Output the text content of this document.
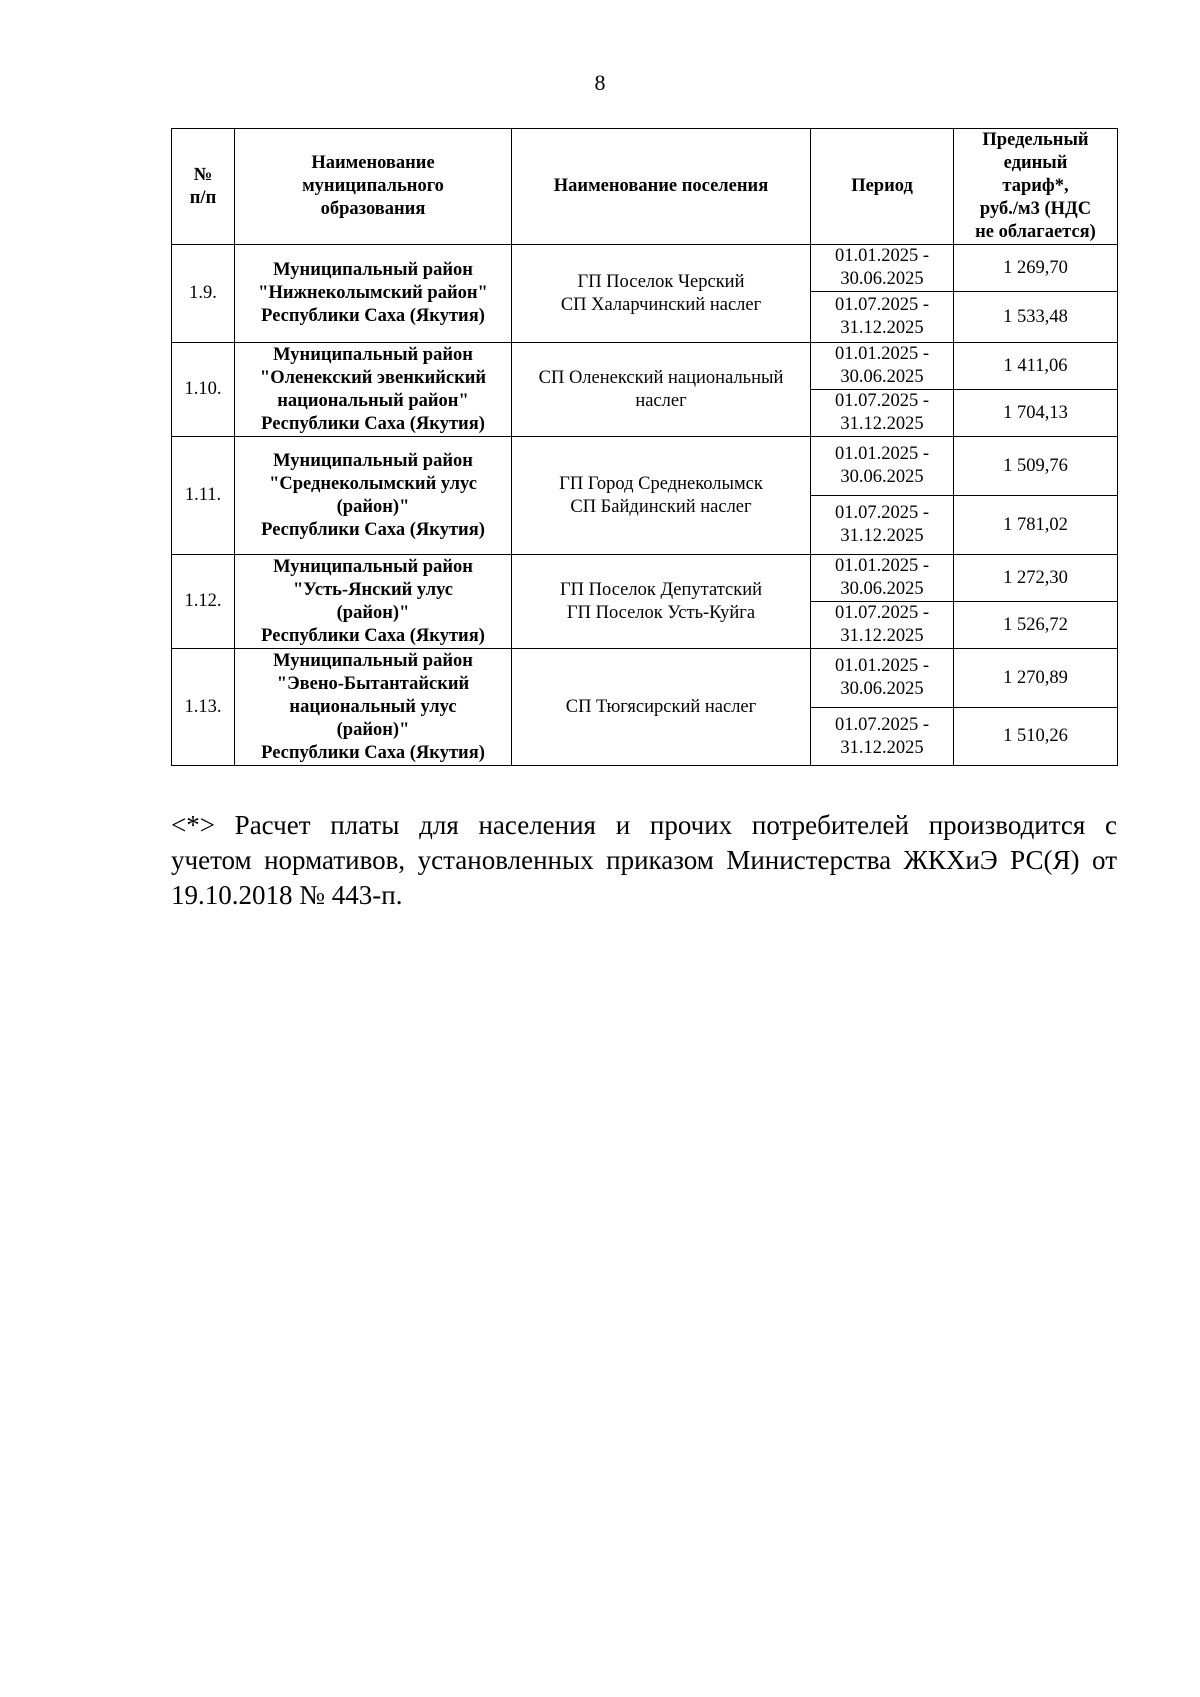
8
№
п/п	Наименование
муниципального
образования	Наименование поселения	Период	Предельный
единый
тариф*,
руб./м3 (НДС
не облагается)

1.9.	Муниципальный район
"Нижнеколымский район"
Республики Саха (Якутия)	ГП Поселок Черский
СП Халарчинский наслег	01.01.2025 -
30.06.2025	1 269,70

			01.07.2025 -
31.12.2025	1 533,48
1.10.	Муниципальный район
"Оленекский эвенкийский
национальный район"
Республики Саха (Якутия)	СП Оленекский национальный
наслег	01.01.2025 -
30.06.2025	1 411,06

			01.07.2025 -
31.12.2025	1 704,13
1.11.	Муниципальный район
"Среднеколымский улус
(район)"
Республики Саха (Якутия)	ГП Город Среднеколымск
СП Байдинский наслег	01.01.2025 -
30.06.2025	1 509,76

			01.07.2025 -
31.12.2025	1 781,02
1.12.	Муниципальный район
"Усть-Янский улус
(район)"
Республики Саха (Якутия)	ГП Поселок Депутатский
ГП Поселок Усть-Куйга	01.01.2025 -
30.06.2025	1 272,30

			01.07.2025 -
31.12.2025	1 526,72
1.13.	Муниципальный район
"Эвено-Бытантайский
национальный улус
(район)"
Республики Саха (Якутия)	СП Тюгясирский наслег	01.01.2025 -
30.06.2025	1 270,89

			01.07.2025 -
31.12.2025	1 510,26
<*> Расчет платы для населения и прочих потребителей производится с
учетом нормативов, установленных приказом Министерства ЖКХиЭ РС(Я) от
19.10.2018 № 443-п.
